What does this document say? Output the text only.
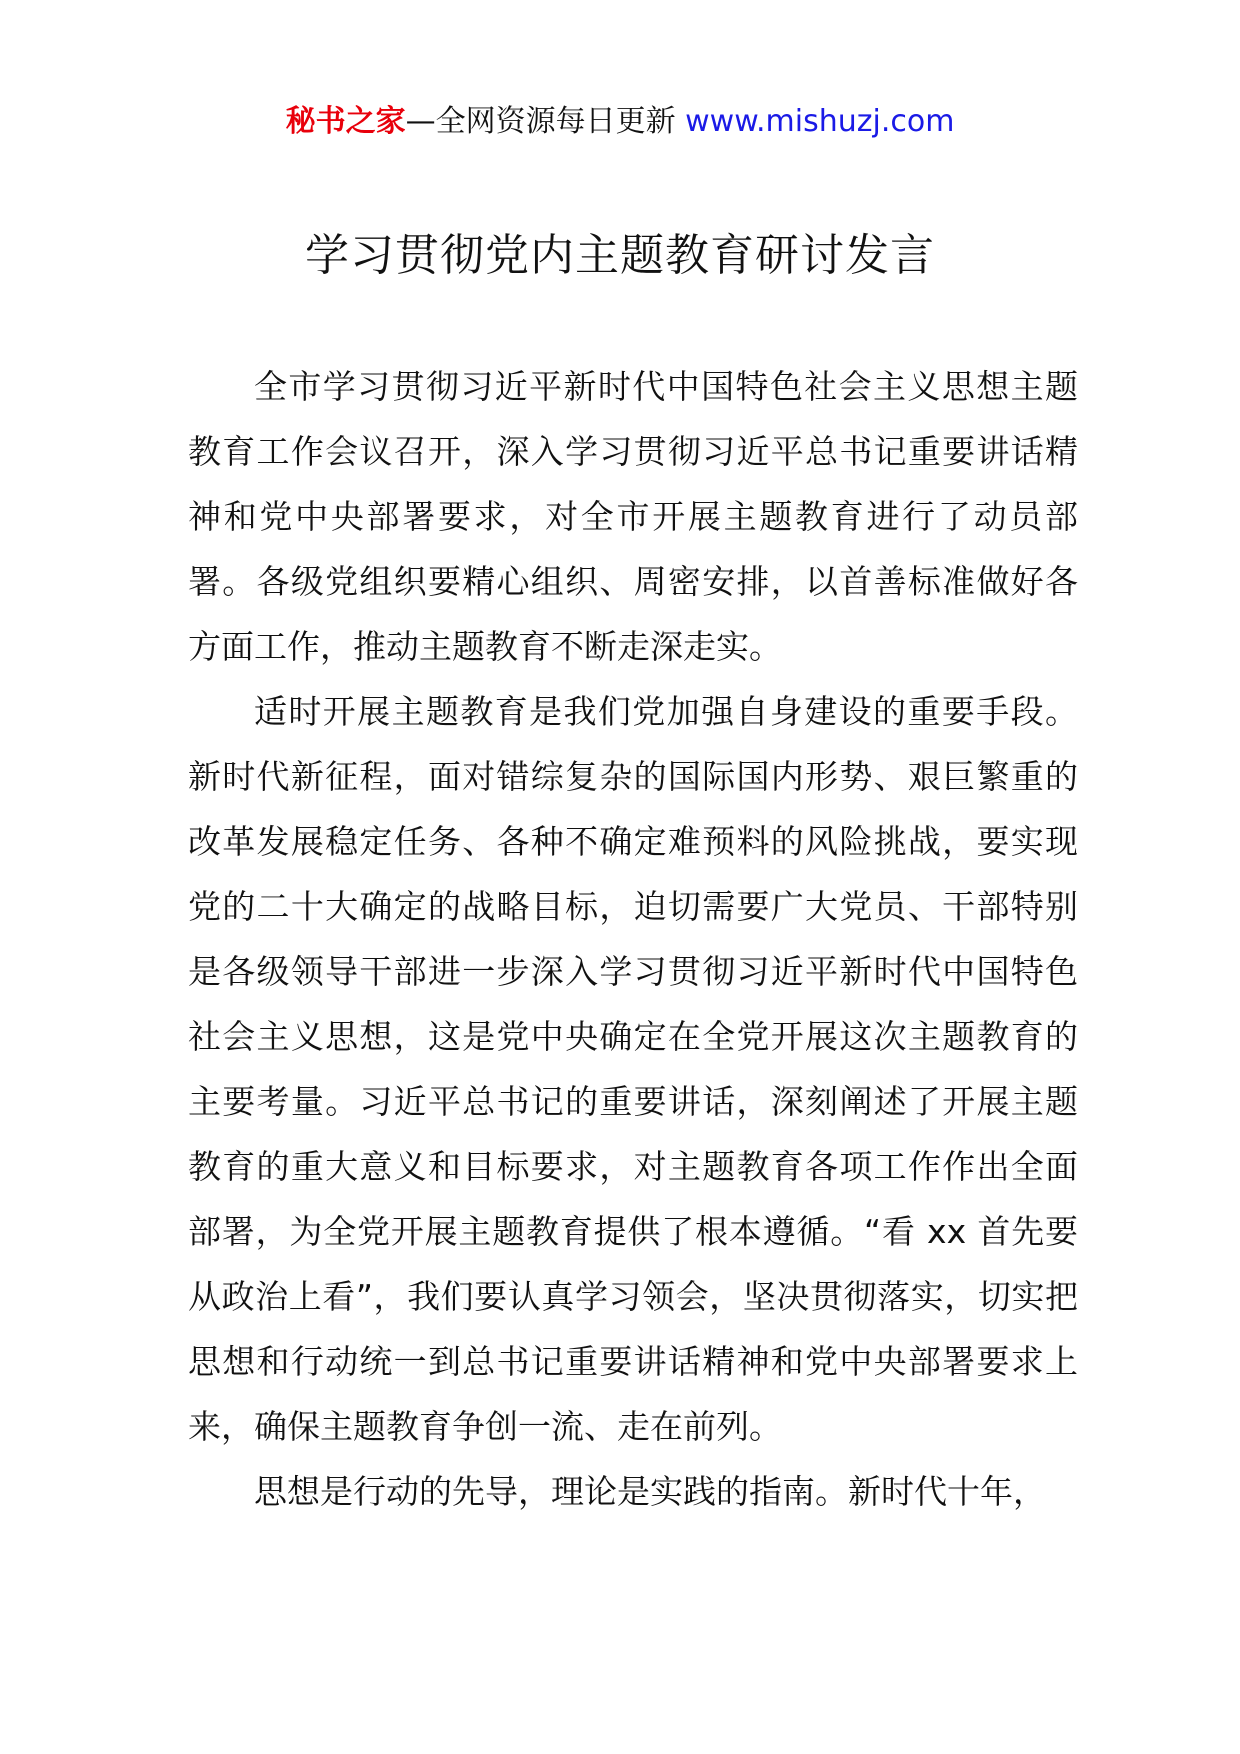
秘书之家—全网资源每日更新 www.mishuzj.com
学习贯彻党内主题教育研讨发言

全市学习贯彻习近平新时代中国特色社会主义思想主题教育工作会议召开，深入学习贯彻习近平总书记重要讲话精神和党中央部署要求，对全市开展主题教育进行了动员部署。各级党组织要精心组织、周密安排，以首善标准做好各方面工作，推动主题教育不断走深走实。

适时开展主题教育是我们党加强自身建设的重要手段。新时代新征程，面对错综复杂的国际国内形势、艰巨繁重的改革发展稳定任务、各种不确定难预料的风险挑战，要实现党的二十大确定的战略目标，迫切需要广大党员、干部特别是各级领导干部进一步深入学习贯彻习近平新时代中国特色社会主义思想，这是党中央确定在全党开展这次主题教育的主要考量。习近平总书记的重要讲话，深刻阐述了开展主题教育的重大意义和目标要求，对主题教育各项工作作出全面部署，为全党开展主题教育提供了根本遵循。“看 xx 首先要从政治上看”，我们要认真学习领会，坚决贯彻落实，切实把思想和行动统一到总书记重要讲话精神和党中央部署要求上来，确保主题教育争创一流、走在前列。

思想是行动的先导，理论是实践的指南。新时代十年，
